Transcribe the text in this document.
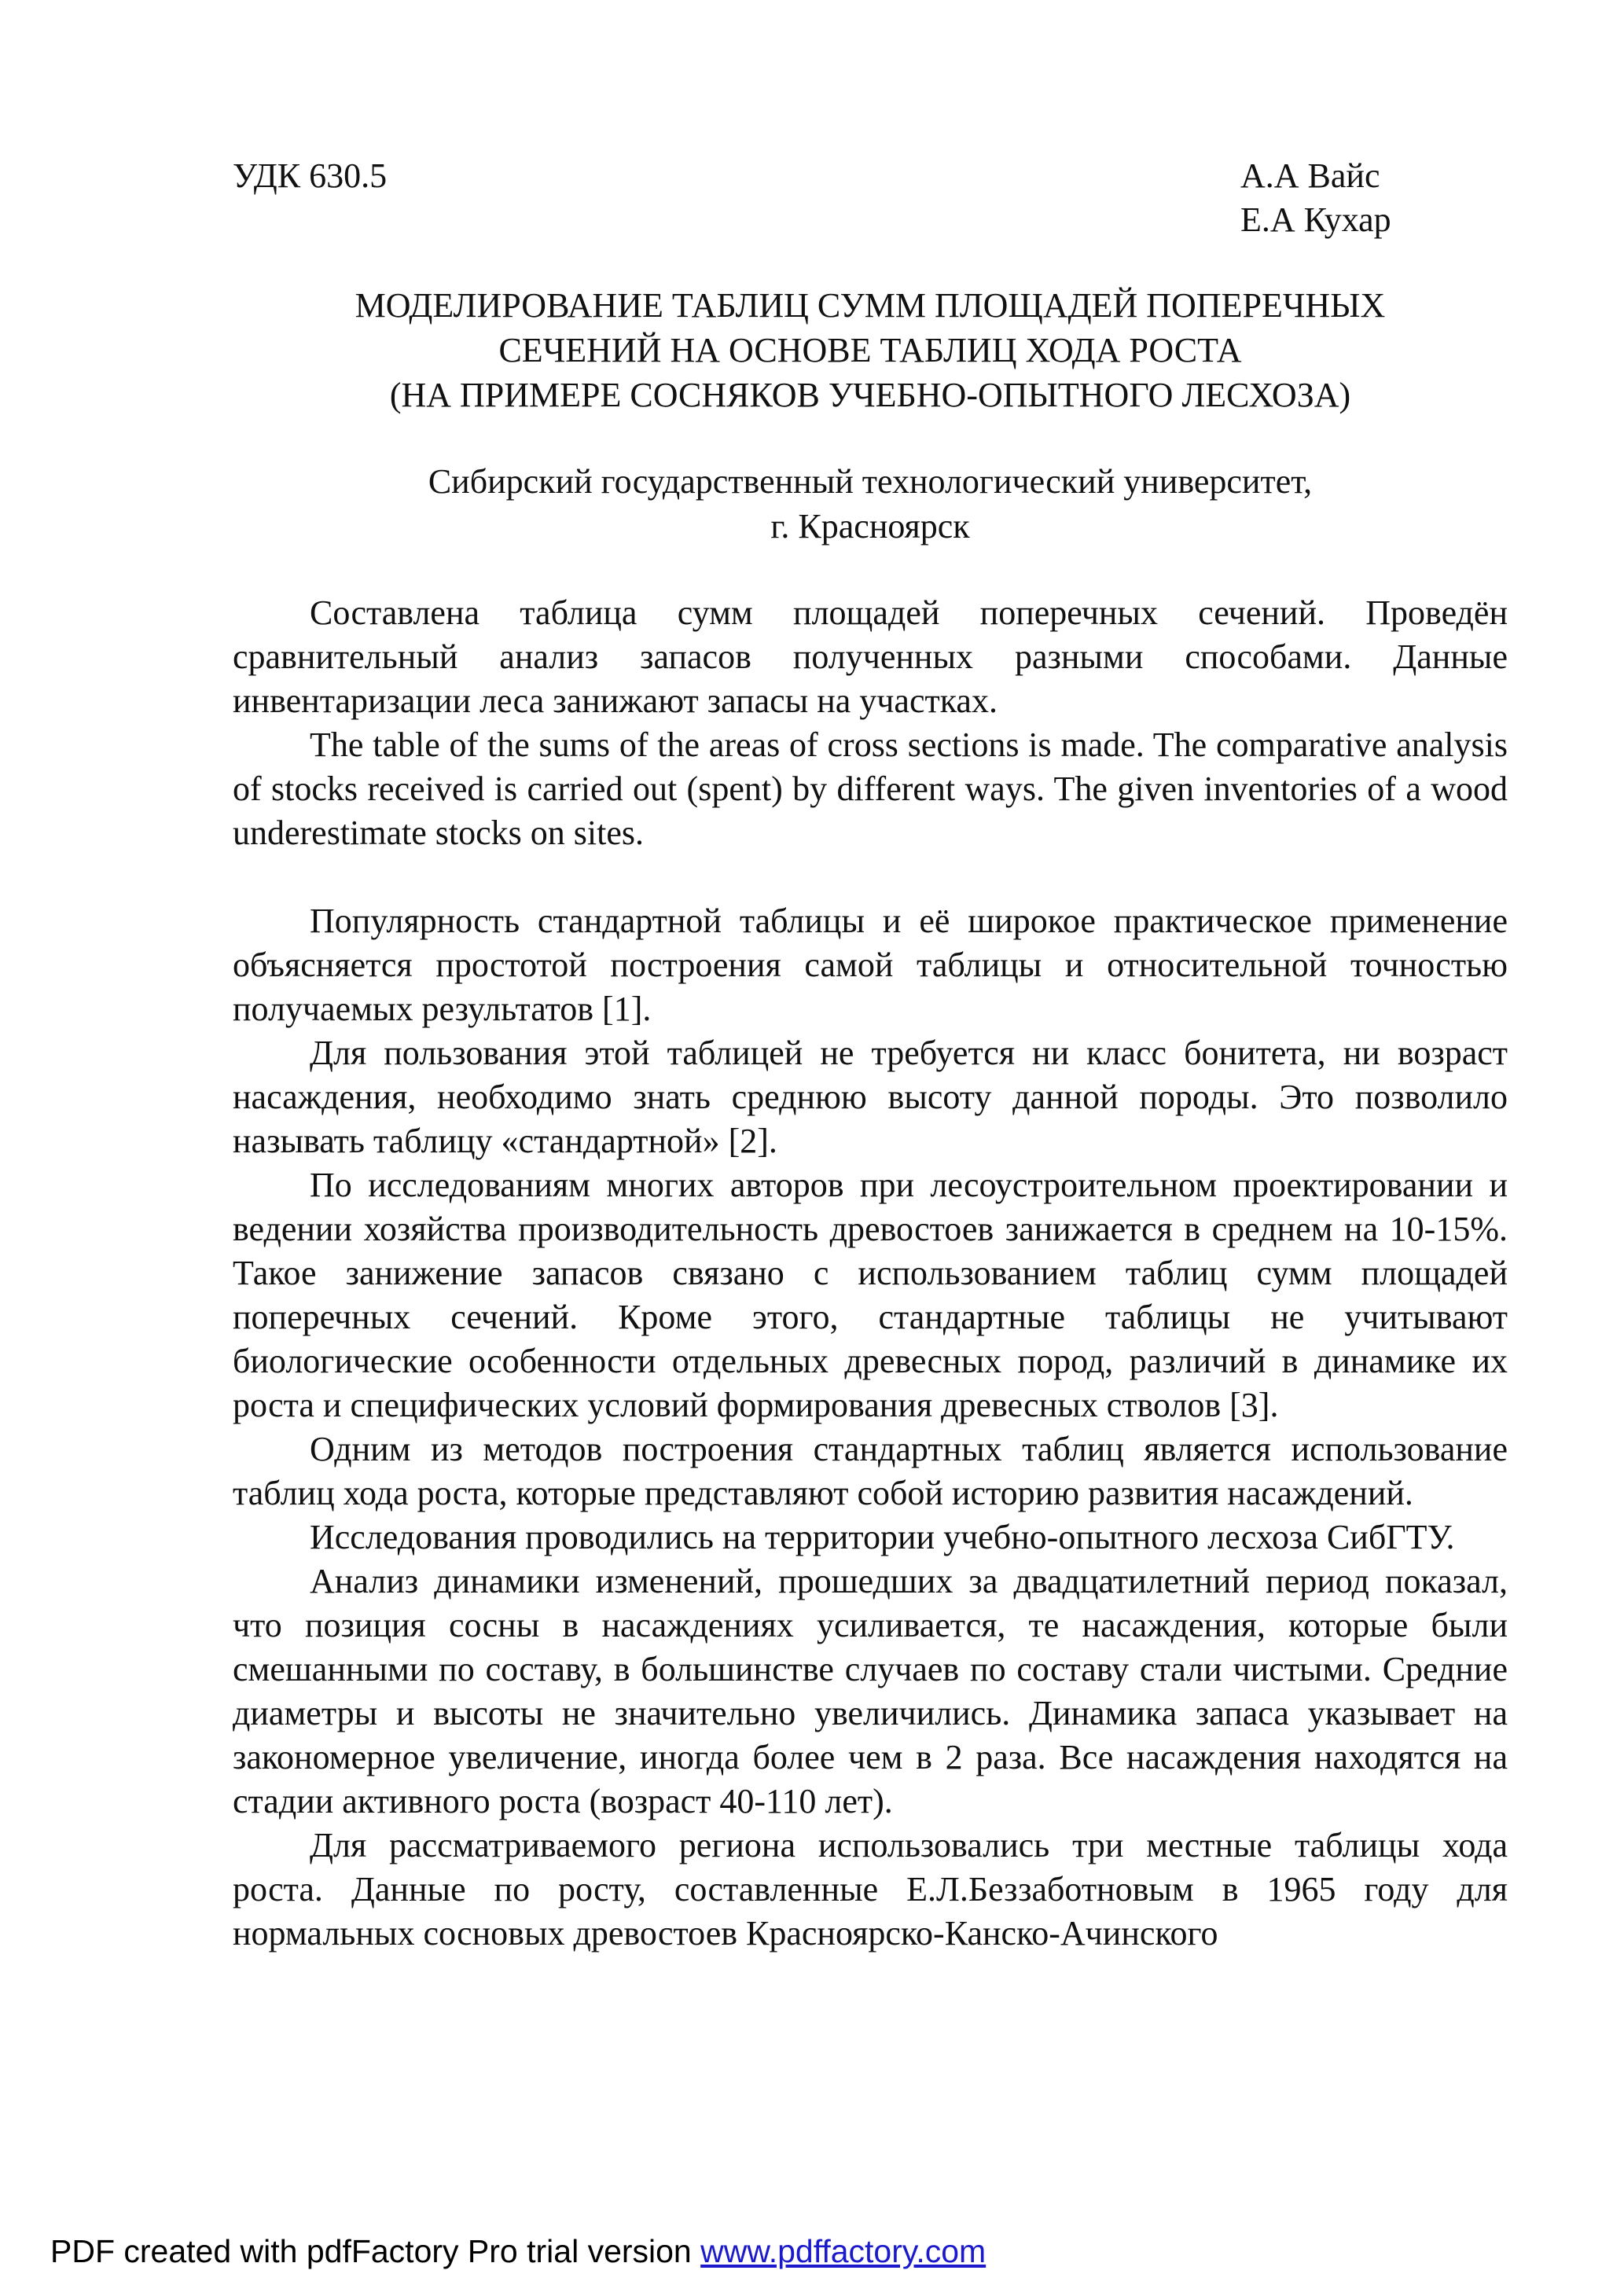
УДК 630.5	А.А Вайс
Е.А Кухар
МОДЕЛИРОВАНИЕ ТАБЛИЦ СУММ ПЛОЩАДЕЙ ПОПЕРЕЧНЫХ
СЕЧЕНИЙ НА ОСНОВЕ ТАБЛИЦ ХОДА РОСТА
(НА ПРИМЕРЕ СОСНЯКОВ УЧЕБНО-ОПЫТНОГО ЛЕСХОЗА)
Сибирский государственный технологический университет,
г. Красноярск

Составлена таблица сумм площадей поперечных сечений. Проведён сравнительный анализ запасов полученных разными способами. Данные инвентаризации леса занижают запасы на участках.

The table of the sums of the areas of cross sections is made. The comparative analysis of stocks received is carried out (spent) by different ways. The given inventories of a wood underestimate stocks on sites.

Популярность стандартной таблицы и её широкое практическое применение объясняется простотой построения самой таблицы и относительной точностью получаемых результатов [1].

Для пользования этой таблицей не требуется ни класс бонитета, ни возраст насаждения, необходимо знать среднюю высоту данной породы. Это позволило называть таблицу «стандартной» [2].

По исследованиям многих авторов при лесоустроительном проектировании и ведении хозяйства производительность древостоев занижается в среднем на 10-15%. Такое занижение запасов связано с использованием таблиц сумм площадей поперечных сечений. Кроме этого, стандартные таблицы не учитывают биологические особенности отдельных древесных пород, различий в динамике их роста и специфических условий формирования древесных стволов [3].

Одним из методов построения стандартных таблиц является использование таблиц хода роста, которые представляют собой историю развития насаждений.

Исследования проводились на территории учебно-опытного лесхоза СибГТУ.

Анализ динамики изменений, прошедших за двадцатилетний период показал, что позиция сосны в насаждениях усиливается, те насаждения, которые были смешанными по составу, в большинстве случаев по составу стали чистыми. Средние диаметры и высоты не значительно увеличились. Динамика запаса указывает на закономерное увеличение, иногда более чем в 2 раза. Все насаждения находятся на стадии активного роста (возраст 40-110 лет).

Для рассматриваемого региона использовались три местные таблицы хода роста. Данные по росту, составленные Е.Л.Беззаботновым в 1965 году для нормальных сосновых древостоев Красноярско-Канско-Ачинского

PDF created with pdfFactory Pro trial version www.pdffactory.com
